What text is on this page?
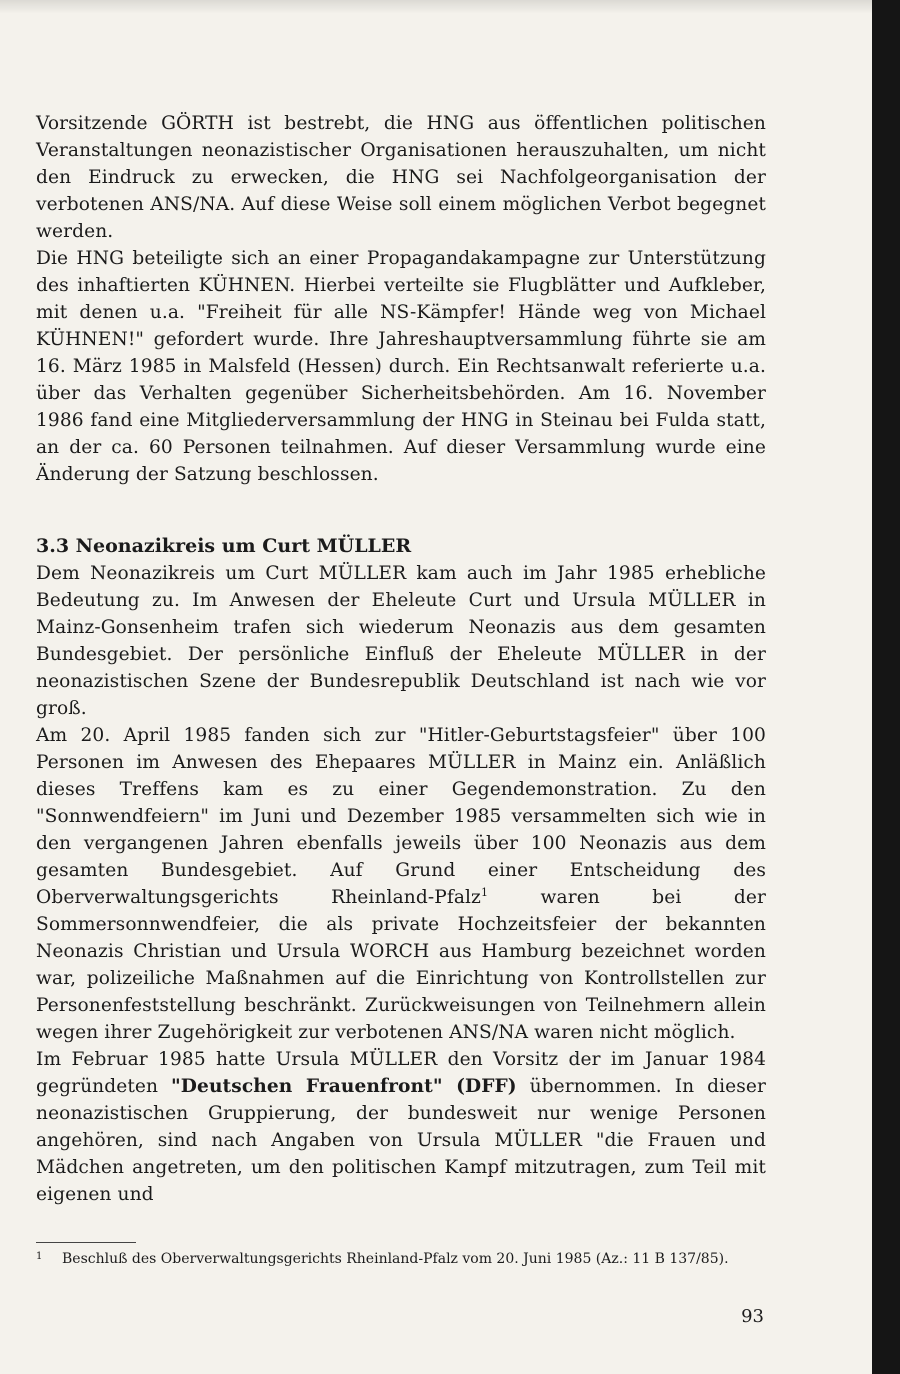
Vorsitzende GÖRTH ist bestrebt, die HNG aus öffentlichen politischen Veranstaltungen neonazistischer Organisationen herauszuhalten, um nicht den Eindruck zu erwecken, die HNG sei Nachfolgeorganisation der verbotenen ANS/NA. Auf diese Weise soll einem möglichen Verbot begegnet werden.

Die HNG beteiligte sich an einer Propagandakampagne zur Unterstützung des inhaftierten KÜHNEN. Hierbei verteilte sie Flugblätter und Aufkleber, mit denen u.a. "Freiheit für alle NS-Kämpfer! Hände weg von Michael KÜHNEN!" gefordert wurde. Ihre Jahreshauptversammlung führte sie am 16. März 1985 in Malsfeld (Hessen) durch. Ein Rechtsanwalt referierte u.a. über das Verhalten gegenüber Sicherheitsbehörden. Am 16. November 1986 fand eine Mitgliederversammlung der HNG in Steinau bei Fulda statt, an der ca. 60 Personen teilnahmen. Auf dieser Versammlung wurde eine Änderung der Satzung beschlossen.

3.3 Neonazikreis um Curt MÜLLER

Dem Neonazikreis um Curt MÜLLER kam auch im Jahr 1985 erhebliche Bedeutung zu. Im Anwesen der Eheleute Curt und Ursula MÜLLER in Mainz-Gonsenheim trafen sich wiederum Neonazis aus dem gesamten Bundesgebiet. Der persönliche Einfluß der Eheleute MÜLLER in der neonazistischen Szene der Bundesrepublik Deutschland ist nach wie vor groß.

Am 20. April 1985 fanden sich zur "Hitler-Geburtstagsfeier" über 100 Personen im Anwesen des Ehepaares MÜLLER in Mainz ein. Anläßlich dieses Treffens kam es zu einer Gegendemonstration. Zu den "Sonnwendfeiern" im Juni und Dezember 1985 versammelten sich wie in den vergangenen Jahren ebenfalls jeweils über 100 Neonazis aus dem gesamten Bundesgebiet. Auf Grund einer Entscheidung des Oberverwaltungsgerichts Rheinland-Pfalz$^1$ waren bei der Sommersonnwendfeier, die als private Hochzeitsfeier der bekannten Neonazis Christian und Ursula WORCH aus Hamburg bezeichnet worden war, polizeiliche Maßnahmen auf die Einrichtung von Kontrollstellen zur Personenfeststellung beschränkt. Zurückweisungen von Teilnehmern allein wegen ihrer Zugehörigkeit zur verbotenen ANS/NA waren nicht möglich.

Im Februar 1985 hatte Ursula MÜLLER den Vorsitz der im Januar 1984 gegründeten "Deutschen Frauenfront" (DFF) übernommen. In dieser neonazistischen Gruppierung, der bundesweit nur wenige Personen angehören, sind nach Angaben von Ursula MÜLLER "die Frauen und Mädchen angetreten, um den politischen Kampf mitzutragen, zum Teil mit eigenen und

1 Beschluß des Oberverwaltungsgerichts Rheinland-Pfalz vom 20. Juni 1985 (Az.: 11 B 137/85).
93
